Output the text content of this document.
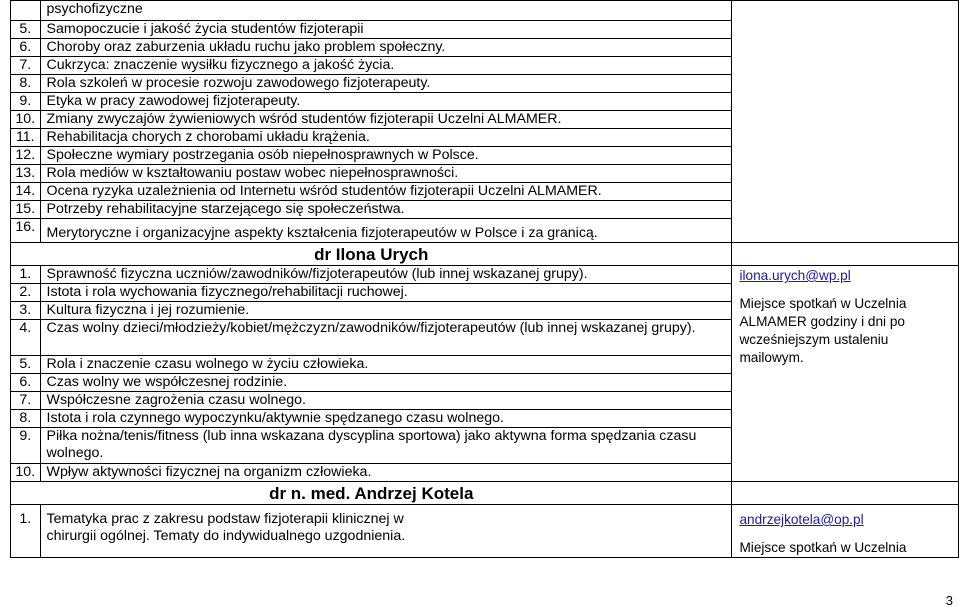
	psychofizyczne	
5.	Samopoczucie i jakość życia studentów fizjoterapii	
6.	Choroby oraz zaburzenia układu ruchu jako problem społeczny.	
7.	Cukrzyca: znaczenie wysiłku fizycznego a jakość życia.	
8.	Rola szkoleń w procesie rozwoju zawodowego fizjoterapeuty.	
9.	Etyka w pracy zawodowej fizjoterapeuty.	
10.	Zmiany zwyczajów żywieniowych wśród studentów fizjoterapii Uczelni ALMAMER.	
11.	Rehabilitacja chorych z chorobami układu krążenia.	
12.	Społeczne wymiary postrzegania osób niepełnosprawnych w Polsce.	
13.	Rola mediów w kształtowaniu postaw wobec niepełnosprawności.	
14.	Ocena ryzyka uzależnienia od Internetu wśród studentów fizjoterapii Uczelni ALMAMER.	
15.	Potrzeby rehabilitacyjne starzejącego się społeczeństwa.	
16.	Merytoryczne i organizacyjne aspekty kształcenia fizjoterapeutów w Polsce i za granicą.	
dr Ilona Urych		
1.	Sprawność fizyczna uczniów/zawodników/fizjoterapeutów (lub innej wskazanej grupy).	ilona.urych@wp.pl
Miejsce spotkań w Uczelnia ALMAMER godziny i dni po wcześniejszym ustaleniu mailowym.

2.	Istota i rola wychowania fizycznego/rehabilitacji ruchowej.	
3.	Kultura fizyczna i jej rozumienie.	
4.	Czas wolny dzieci/młodzieży/kobiet/mężczyzn/zawodników/fizjoterapeutów (lub innej wskazanej grupy).	
5.	Rola i znaczenie czasu wolnego w życiu człowieka.	
6.	Czas wolny we współczesnej rodzinie.	
7.	Współczesne zagrożenia czasu wolnego.	
8.	Istota i rola czynnego wypoczynku/aktywnie spędzanego czasu wolnego.	
9.	Piłka nożna/tenis/fitness (lub inna wskazana dyscyplina sportowa) jako aktywna forma spędzania czasu wolnego.	
10.	Wpływ aktywności fizycznej na organizm człowieka.	
dr n. med. Andrzej Kotela		
1.	Tematyka prac z zakresu podstaw fizjoterapii klinicznej w chirurgii ogólnej. Tematy do indywidualnego uzgodnienia.	andrzejkotela@op.pl
Miejsce spotkań w Uczelnia
3
